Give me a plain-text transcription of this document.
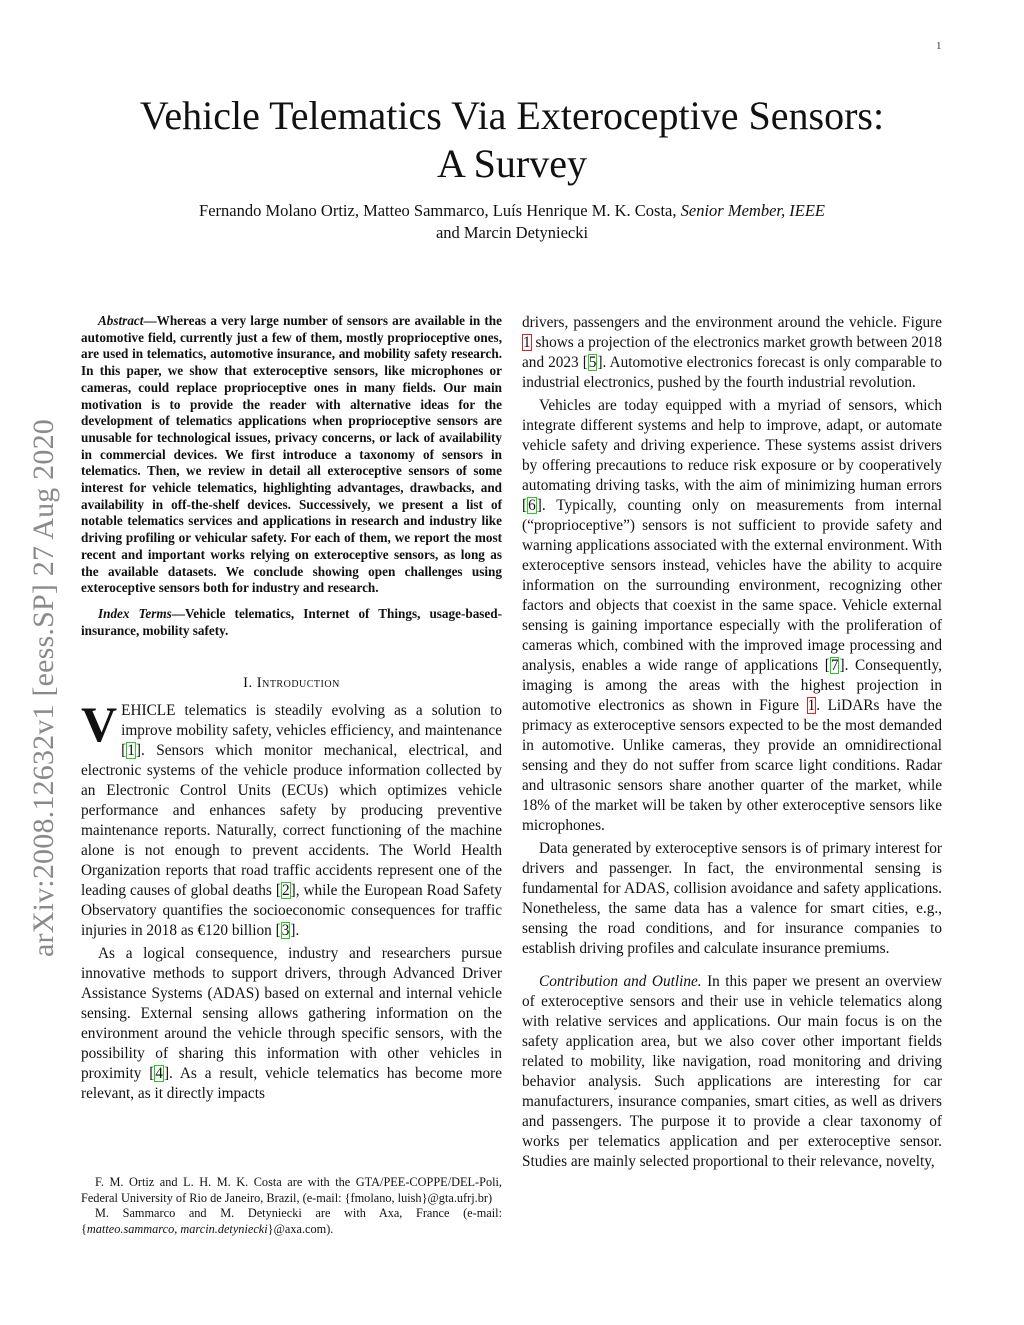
1
arXiv:2008.12632v1 [eess.SP] 27 Aug 2020
Vehicle Telematics Via Exteroceptive Sensors:
A Survey
Fernando Molano Ortiz, Matteo Sammarco, Luís Henrique M. K. Costa, Senior Member, IEEE
and Marcin Detyniecki

Abstract—Whereas a very large number of sensors are available in the automotive field, currently just a few of them, mostly proprioceptive ones, are used in telematics, automotive insurance, and mobility safety research. In this paper, we show that exteroceptive sensors, like microphones or cameras, could replace proprioceptive ones in many fields. Our main motivation is to provide the reader with alternative ideas for the development of telematics applications when proprioceptive sensors are unusable for technological issues, privacy concerns, or lack of availability in commercial devices. We first introduce a taxonomy of sensors in telematics. Then, we review in detail all exteroceptive sensors of some interest for vehicle telematics, highlighting advantages, drawbacks, and availability in off-the-shelf devices. Successively, we present a list of notable telematics services and applications in research and industry like driving profiling or vehicular safety. For each of them, we report the most recent and important works relying on exteroceptive sensors, as long as the available datasets. We conclude showing open challenges using exteroceptive sensors both for industry and research.

Index Terms—Vehicle telematics, Internet of Things, usage-based-insurance, mobility safety.

I. Introduction

VEHICLE telematics is steadily evolving as a solution to improve mobility safety, vehicles efficiency, and maintenance [1]. Sensors which monitor mechanical, electrical, and electronic systems of the vehicle produce information collected by an Electronic Control Units (ECUs) which optimizes vehicle performance and enhances safety by producing preventive maintenance reports. Naturally, correct functioning of the machine alone is not enough to prevent accidents. The World Health Organization reports that road traffic accidents represent one of the leading causes of global deaths [2], while the European Road Safety Observatory quantifies the socioeconomic consequences for traffic injuries in 2018 as €120 billion [3].

As a logical consequence, industry and researchers pursue innovative methods to support drivers, through Advanced Driver Assistance Systems (ADAS) based on external and internal vehicle sensing. External sensing allows gathering information on the environment around the vehicle through specific sensors, with the possibility of sharing this information with other vehicles in proximity [4]. As a result, vehicle telematics has become more relevant, as it directly impacts

F. M. Ortiz and L. H. M. K. Costa are with the GTA/PEE-COPPE/DEL-Poli, Federal University of Rio de Janeiro, Brazil, (e-mail: {fmolano, luish}@gta.ufrj.br)

M. Sammarco and M. Detyniecki are with Axa, France (e-mail: {matteo.sammarco, marcin.detyniecki}@axa.com).

drivers, passengers and the environment around the vehicle. Figure 1 shows a projection of the electronics market growth between 2018 and 2023 [5]. Automotive electronics forecast is only comparable to industrial electronics, pushed by the fourth industrial revolution.

Vehicles are today equipped with a myriad of sensors, which integrate different systems and help to improve, adapt, or automate vehicle safety and driving experience. These systems assist drivers by offering precautions to reduce risk exposure or by cooperatively automating driving tasks, with the aim of minimizing human errors [6]. Typically, counting only on measurements from internal (“proprioceptive”) sensors is not sufficient to provide safety and warning applications associated with the external environment. With exteroceptive sensors instead, vehicles have the ability to acquire information on the surrounding environment, recognizing other factors and objects that coexist in the same space. Vehicle external sensing is gaining importance especially with the proliferation of cameras which, combined with the improved image processing and analysis, enables a wide range of applications [7]. Consequently, imaging is among the areas with the highest projection in automotive electronics as shown in Figure 1. LiDARs have the primacy as exteroceptive sensors expected to be the most demanded in automotive. Unlike cameras, they provide an omnidirectional sensing and they do not suffer from scarce light conditions. Radar and ultrasonic sensors share another quarter of the market, while 18% of the market will be taken by other exteroceptive sensors like microphones.

Data generated by exteroceptive sensors is of primary interest for drivers and passenger. In fact, the environmental sensing is fundamental for ADAS, collision avoidance and safety applications. Nonetheless, the same data has a valence for smart cities, e.g., sensing the road conditions, and for insurance companies to establish driving profiles and calculate insurance premiums.

Contribution and Outline. In this paper we present an overview of exteroceptive sensors and their use in vehicle telematics along with relative services and applications. Our main focus is on the safety application area, but we also cover other important fields related to mobility, like navigation, road monitoring and driving behavior analysis. Such applications are interesting for car manufacturers, insurance companies, smart cities, as well as drivers and passengers. The purpose it to provide a clear taxonomy of works per telematics application and per exteroceptive sensor. Studies are mainly selected proportional to their relevance, novelty,
